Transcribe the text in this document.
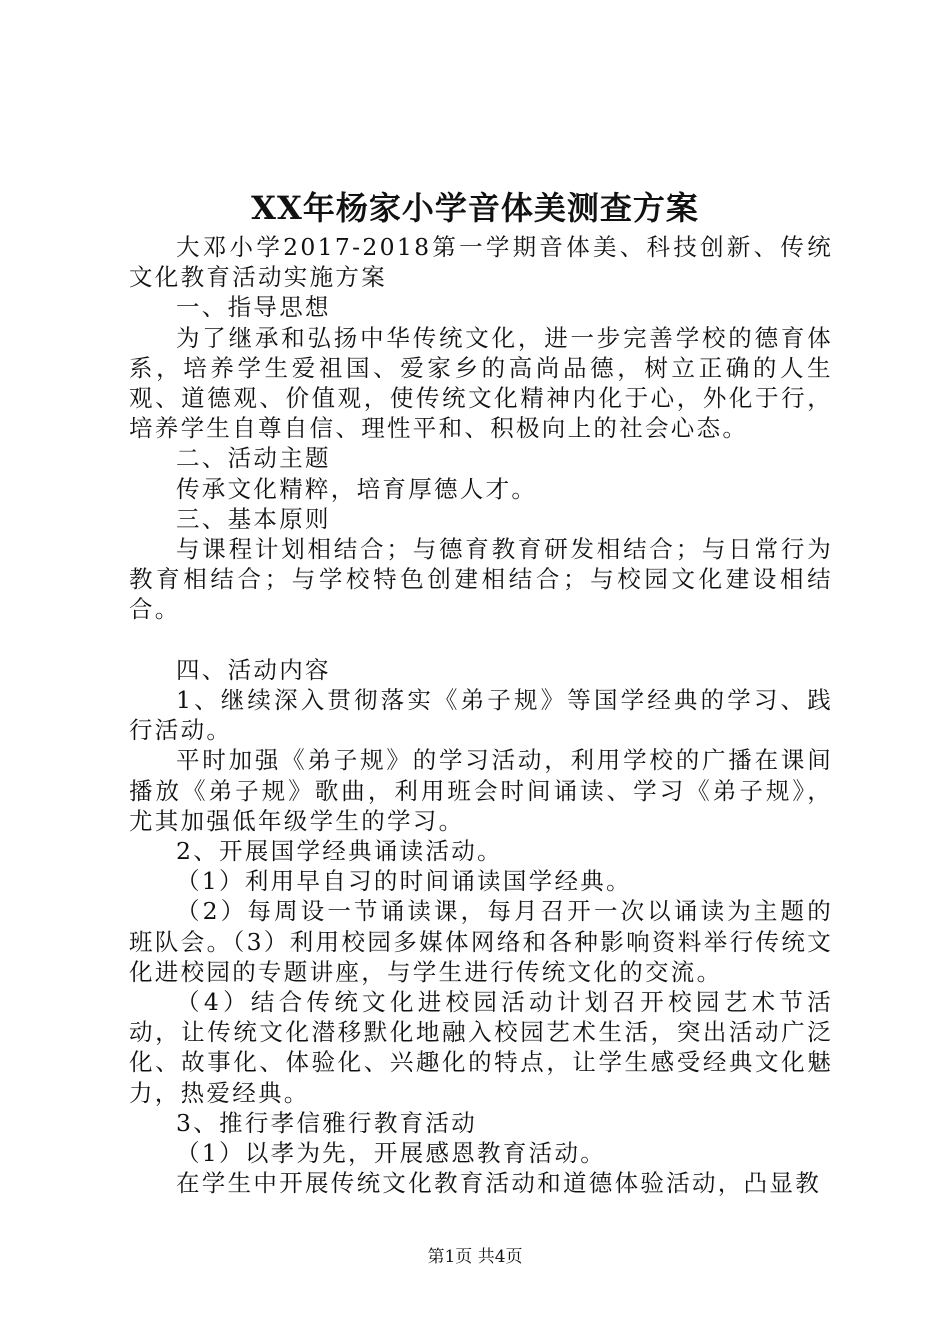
XX年杨家小学音体美测查方案

大邓小学2017-2018第一学期音体美、科技创新、传统文化教育活动实施方案

一、指导思想

为了继承和弘扬中华传统文化，进一步完善学校的德育体系，培养学生爱祖国、爱家乡的高尚品德，树立正确的人生观、道德观、价值观，使传统文化精神内化于心，外化于行，培养学生自尊自信、理性平和、积极向上的社会心态。

二、活动主题

传承文化精粹，培育厚德人才。

三、基本原则

与课程计划相结合；与德育教育研发相结合；与日常行为教育相结合；与学校特色创建相结合；与校园文化建设相结合。

四、活动内容

1、继续深入贯彻落实《弟子规》等国学经典的学习、践行活动。

平时加强《弟子规》的学习活动，利用学校的广播在课间播放《弟子规》歌曲，利用班会时间诵读、学习《弟子规》，尤其加强低年级学生的学习。

2、开展国学经典诵读活动。

（1）利用早自习的时间诵读国学经典。

（2）每周设一节诵读课，每月召开一次以诵读为主题的班队会。（3）利用校园多媒体网络和各种影响资料举行传统文化进校园的专题讲座，与学生进行传统文化的交流。

（4）结合传统文化进校园活动计划召开校园艺术节活动，让传统文化潜移默化地融入校园艺术生活，突出活动广泛化、故事化、体验化、兴趣化的特点，让学生感受经典文化魅力，热爱经典。

3、推行孝信雅行教育活动

（1）以孝为先，开展感恩教育活动。

在学生中开展传统文化教育活动和道德体验活动，凸显教

第1页 共4页
